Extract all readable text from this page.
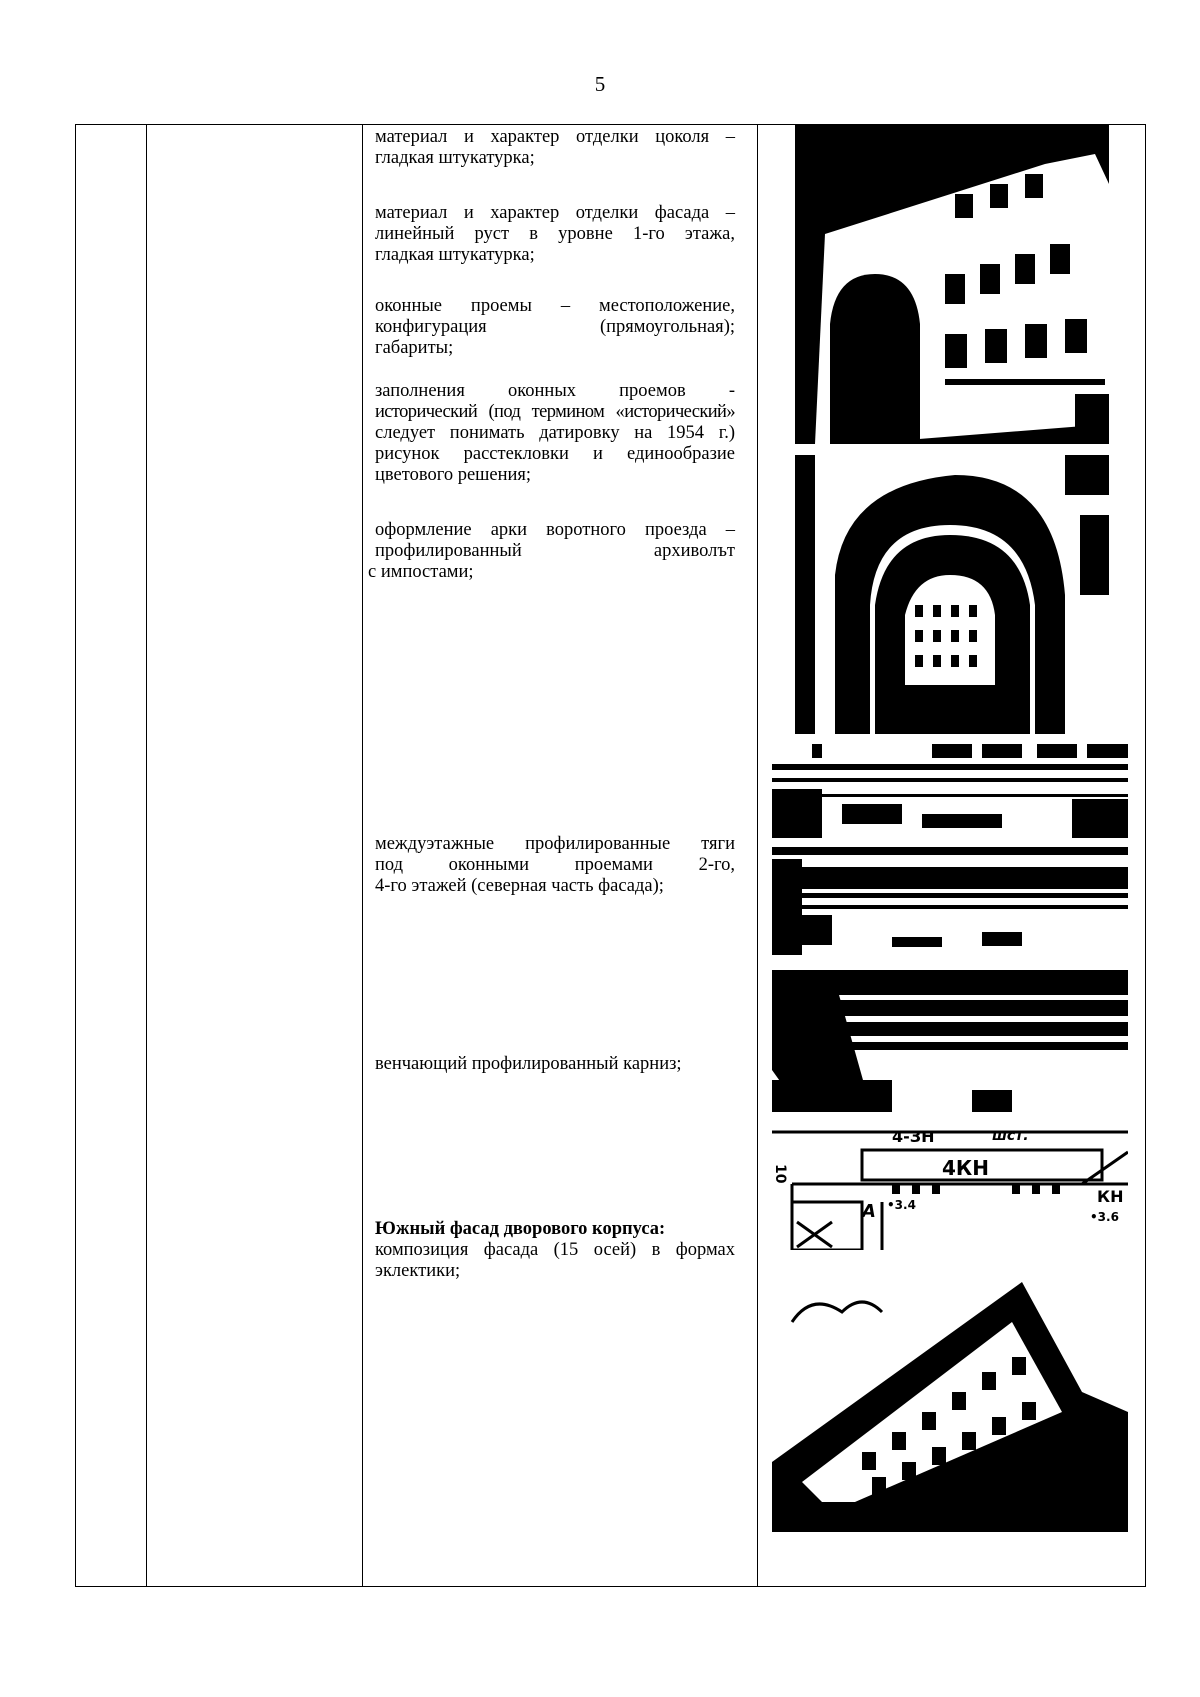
5
материал и характер отделки цоколя –
гладкая штукатурка;
материал и характер отделки фасада –
линейный руст в уровне 1-го этажа,
гладкая штукатурка;
оконные проемы – местоположение,
конфигурация (прямоугольная);
габариты;
заполнения оконных проемов -
исторический (под термином «исторический»
следует понимать датировку на 1954 г.)
рисунок расстекловки и единообразие
цветового решения;
оформление арки воротного проезда –
профилированный архиволът
с импостами;
междуэтажные профилированные тяги
под оконными проемами 2-го,
4-го этажей (северная часть фасада);
венчающий профилированный карниз;
Южный фасад дворового корпуса:
композиция фасада (15 осей) в формах
эклектики;
10
4-ЗН	шст.
4КН
КН
А •3.4
•3.6
